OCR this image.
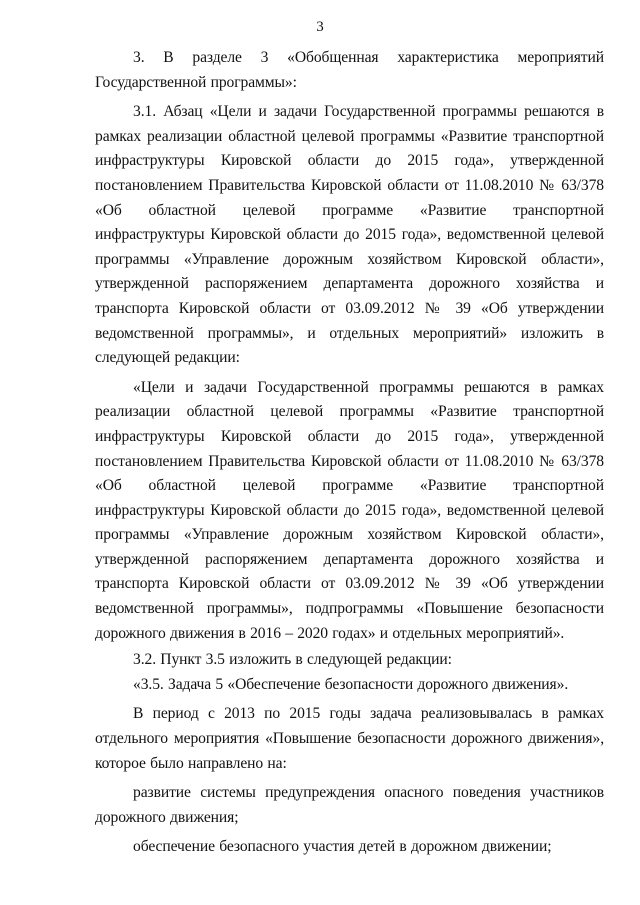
3

3. В разделе 3 «Обобщенная характеристика мероприятий Государственной программы»:

3.1. Абзац «Цели и задачи Государственной программы решаются в рамках реализации областной целевой программы «Развитие транспортной инфраструктуры Кировской области до 2015 года», утвержденной постановлением Правительства Кировской области от 11.08.2010 № 63/378 «Об областной целевой программе «Развитие транспортной инфраструктуры Кировской области до 2015 года», ведомственной целевой программы «Управление дорожным хозяйством Кировской области», утвержденной распоряжением департамента дорожного хозяйства и транспорта Кировской области от 03.09.2012 № 39 «Об утверждении ведомственной программы», и отдельных мероприятий» изложить в следующей редакции:

«Цели и задачи Государственной программы решаются в рамках реализации областной целевой программы «Развитие транспортной инфраструктуры Кировской области до 2015 года», утвержденной постановлением Правительства Кировской области от 11.08.2010 № 63/378 «Об областной целевой программе «Развитие транспортной инфраструктуры Кировской области до 2015 года», ведомственной целевой программы «Управление дорожным хозяйством Кировской области», утвержденной распоряжением департамента дорожного хозяйства и транспорта Кировской области от 03.09.2012 № 39 «Об утверждении ведомственной программы», подпрограммы «Повышение безопасности дорожного движения в 2016 – 2020 годах» и отдельных мероприятий».

3.2. Пункт 3.5 изложить в следующей редакции:

«3.5. Задача 5 «Обеспечение безопасности дорожного движения».

В период с 2013 по 2015 годы задача реализовывалась в рамках отдельного мероприятия «Повышение безопасности дорожного движения», которое было направлено на:

развитие системы предупреждения опасного поведения участников дорожного движения;

обеспечение безопасного участия детей в дорожном движении;
